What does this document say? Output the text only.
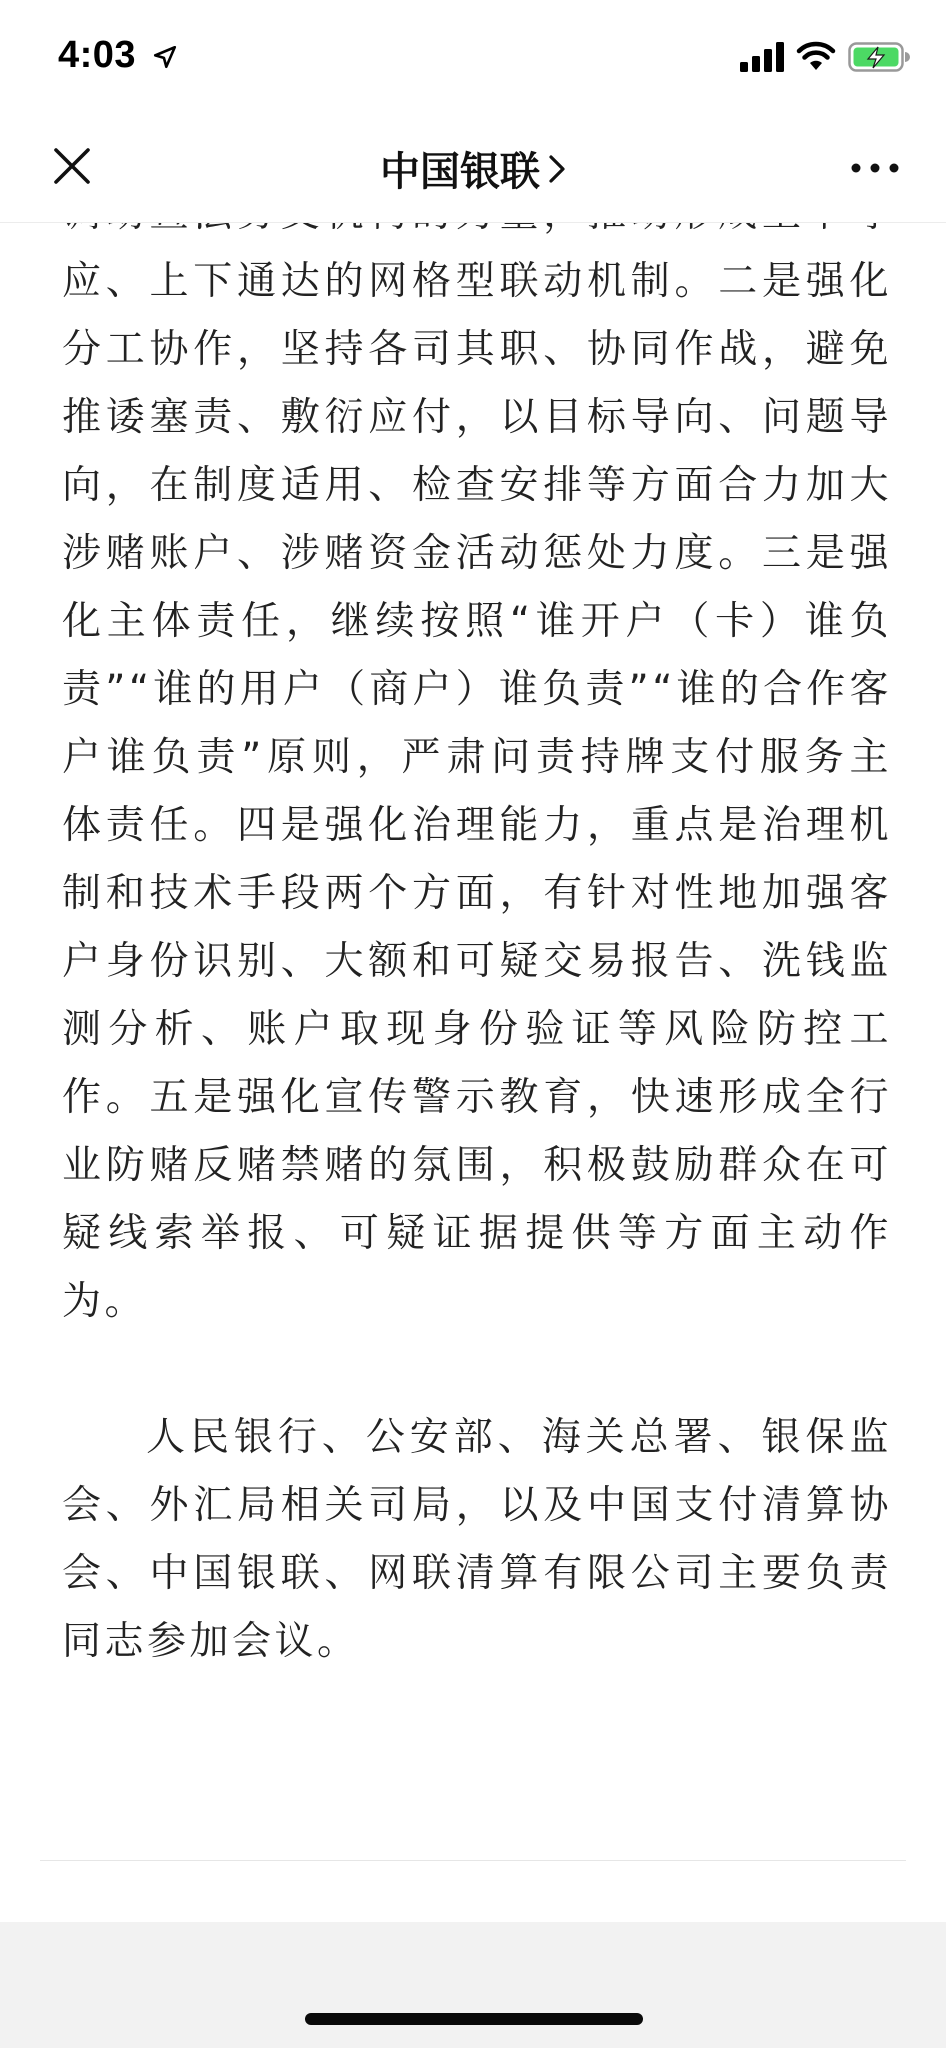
4:03
中国银联

应、上下通达的网格型联动机制。二是强化分工协作，坚持各司其职、协同作战，避免推诿塞责、敷衍应付，以目标导向、问题导向，在制度适用、检查安排等方面合力加大涉赌账户、涉赌资金活动惩处力度。三是强化主体责任，继续按照“谁开户（卡）谁负责”“谁的用户（商户）谁负责”“谁的合作客户谁负责”原则，严肃问责持牌支付服务主体责任。四是强化治理能力，重点是治理机制和技术手段两个方面，有针对性地加强客户身份识别、大额和可疑交易报告、洗钱监测分析、账户取现身份验证等风险防控工作。五是强化宣传警示教育，快速形成全行业防赌反赌禁赌的氛围，积极鼓励群众在可疑线索举报、可疑证据提供等方面主动作为。

人民银行、公安部、海关总署、银保监会、外汇局相关司局，以及中国支付清算协会、中国银联、网联清算有限公司主要负责同志参加会议。
